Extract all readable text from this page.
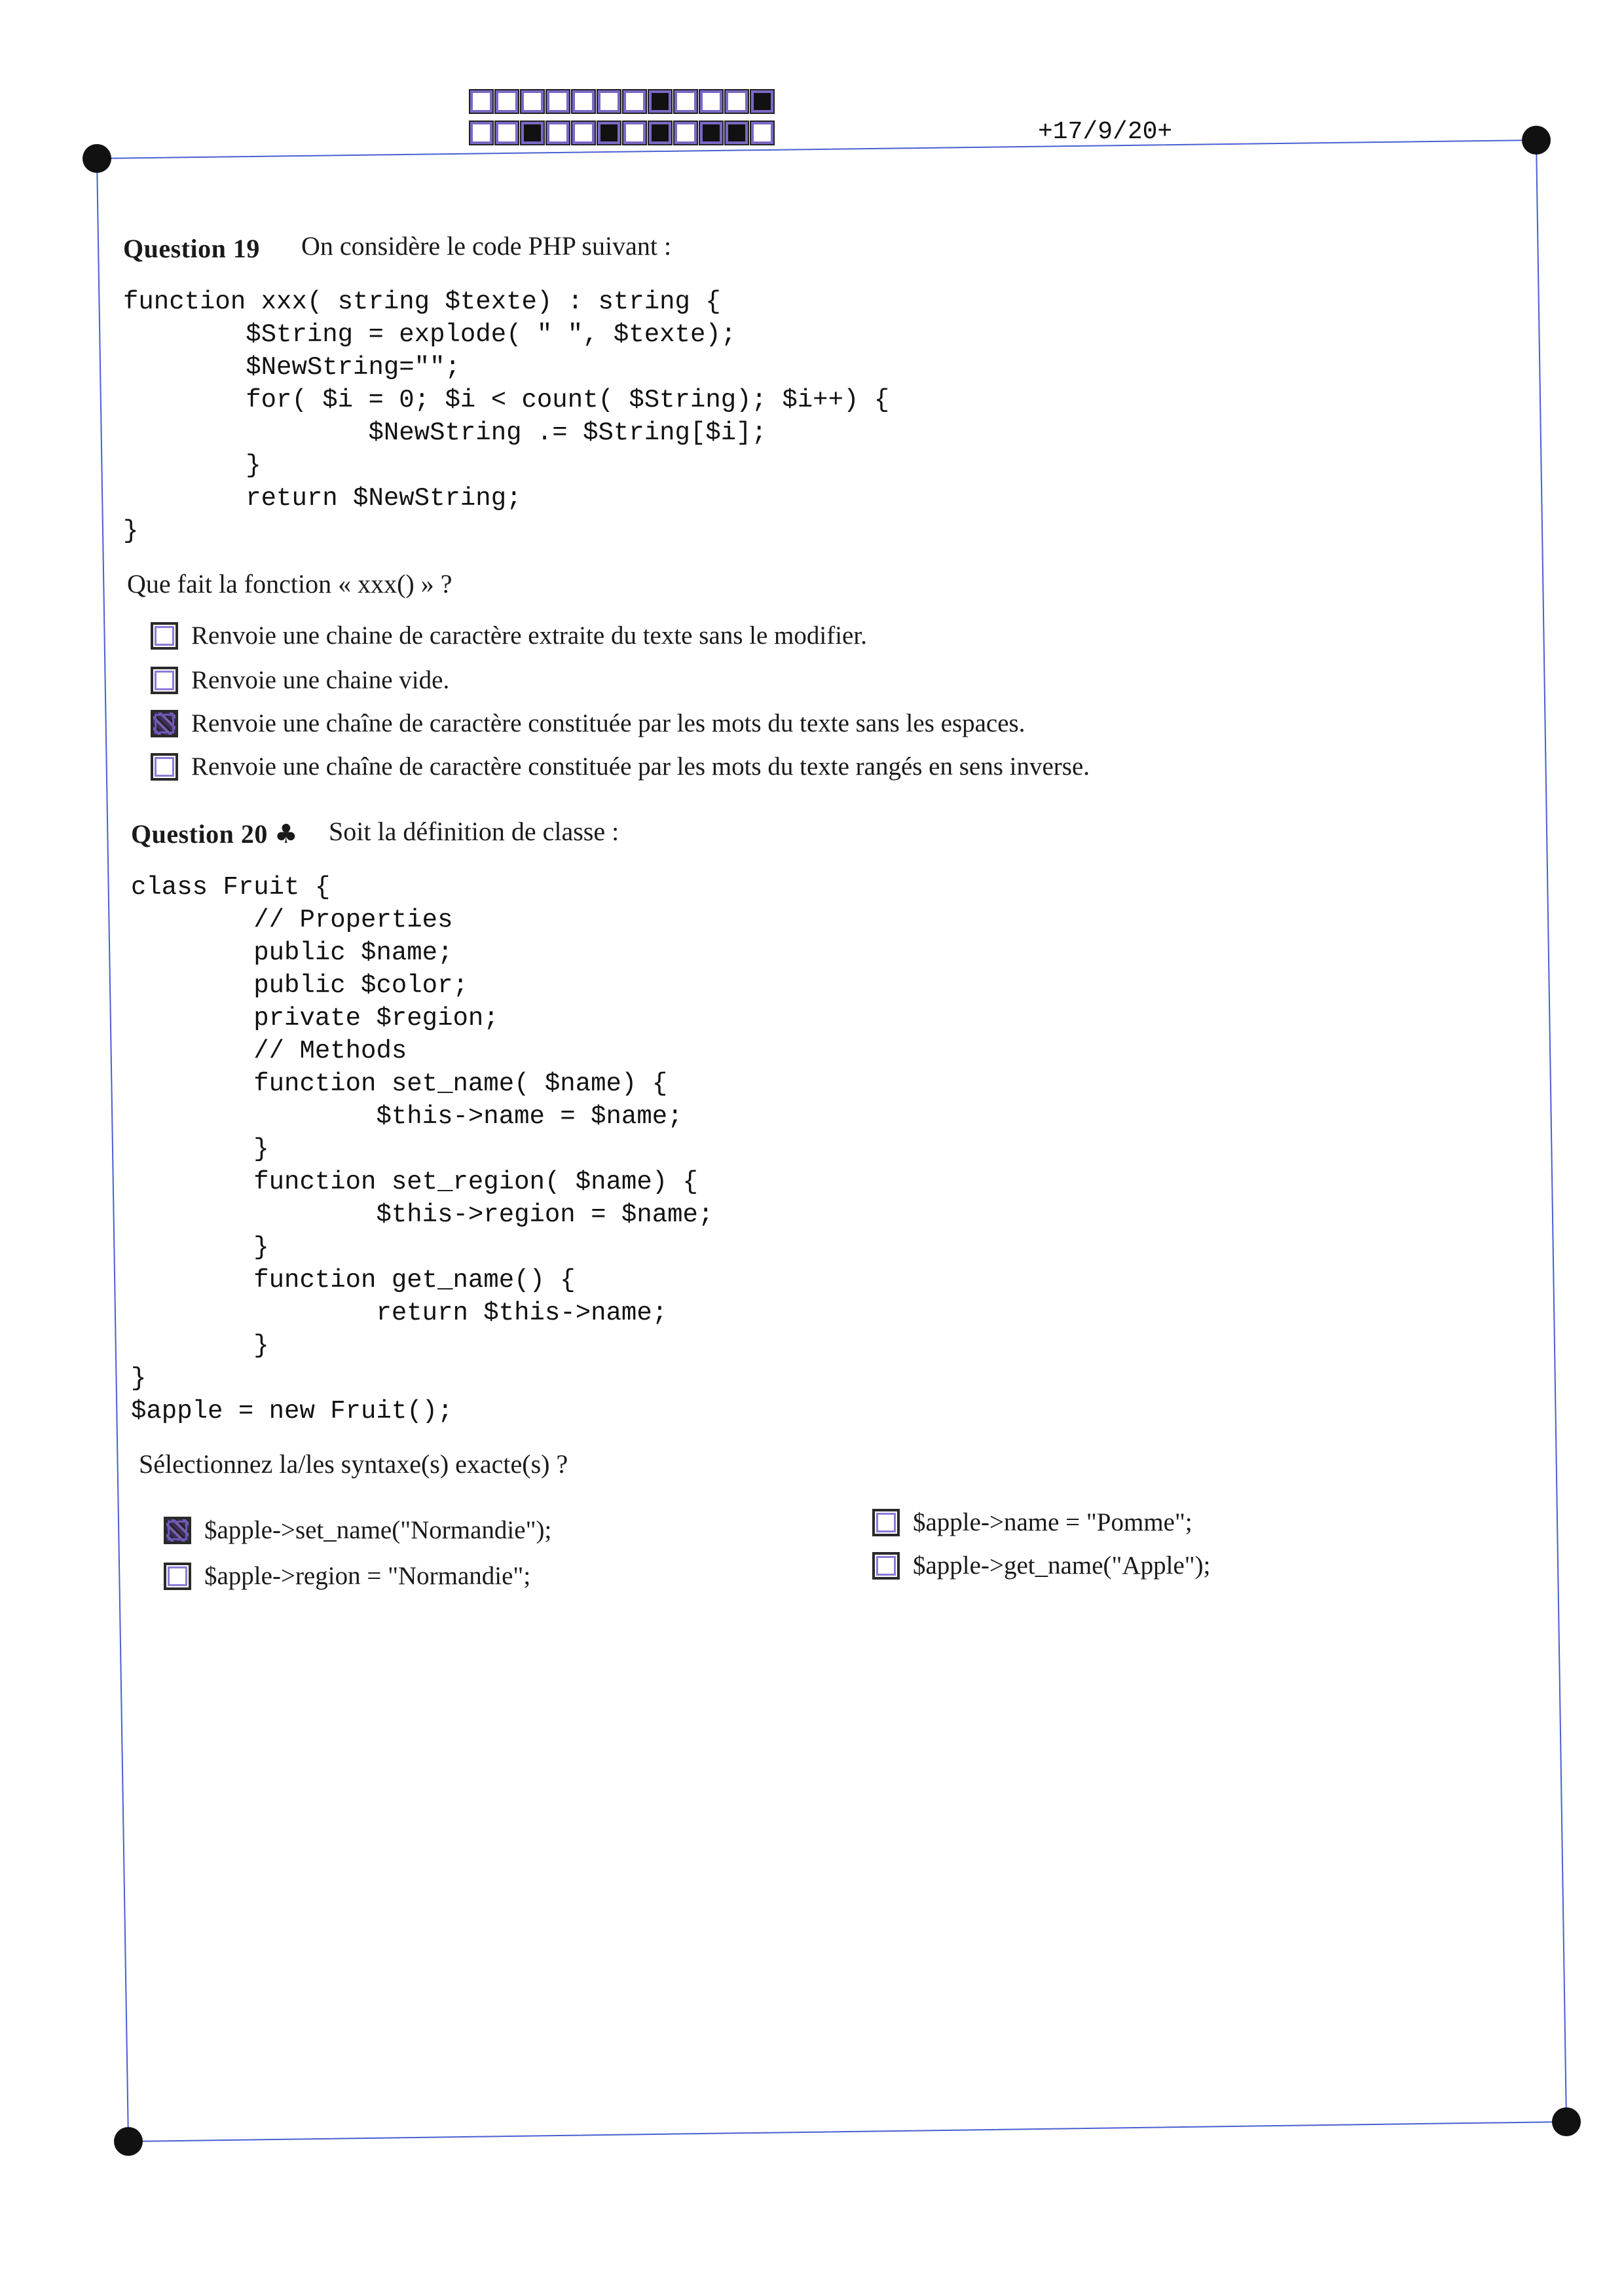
+17/9/20+
Question 19 On considère le code PHP suivant :
function xxx( string $texte) : string {
$String = explode( " ", $texte);
$NewString="";
for( $i = 0; $i < count( $String); $i++) {
$NewString .= $String[$i];
}
return $NewString;
}
Que fait la fonction « xxx() » ?
Renvoie une chaine de caractère extraite du texte sans le modifier.
Renvoie une chaine vide.
Renvoie une chaîne de caractère constituée par les mots du texte sans les espaces.
Renvoie une chaîne de caractère constituée par les mots du texte rangés en sens inverse.
Question 20 ♣ Soit la définition de classe :
class Fruit {
// Properties
public $name;
public $color;
private $region;
// Methods
function set_name( $name) {
$this->name = $name;
}
function set_region( $name) {
$this->region = $name;
}
function get_name() {
return $this->name;
}
}
$apple = new Fruit();
Sélectionnez la/les syntaxe(s) exacte(s) ?
$apple->set_name("Normandie");
$apple->region = "Normandie";
$apple->name = "Pomme";
$apple->get_name("Apple");
